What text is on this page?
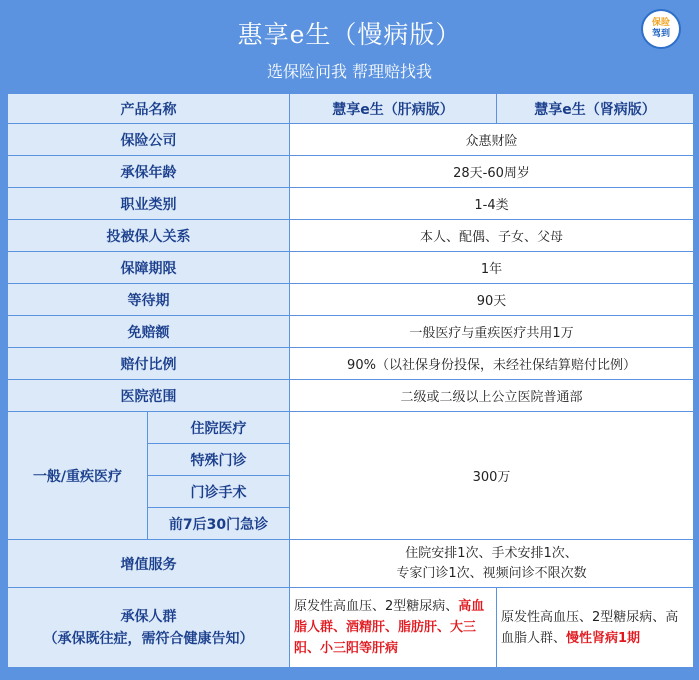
惠享e生（慢病版）
选保险问我 帮理赔找我
保险
驾到
产品名称		慧享e生（肝病版）	慧享e生（肾病版）
保险公司		众惠财险	
承保年龄		28天-60周岁	
职业类别		1-4类	
投被保人关系		本人、配偶、子女、父母	
保障期限		1年	
等待期		90天	
免赔额		一般医疗与重疾医疗共用1万	
赔付比例		90%（以社保身份投保，未经社保结算赔付比例）	
医院范围		二级或二级以上公立医院普通部	
一般/重疾医疗	住院医疗	300万	
	特殊门诊		
	门诊手术		
	前7后30门急诊		
增值服务		住院安排1次、手术安排1次、
专家门诊1次、视频问诊不限次数	

承保人群
（承保既往症，需符合健康告知）		原发性高血压、2型糖尿病、高血脂人群、酒精肝、脂肪肝、大三阳、小三阳等肝病	原发性高血压、2型糖尿病、高血脂人群、慢性肾病1期
